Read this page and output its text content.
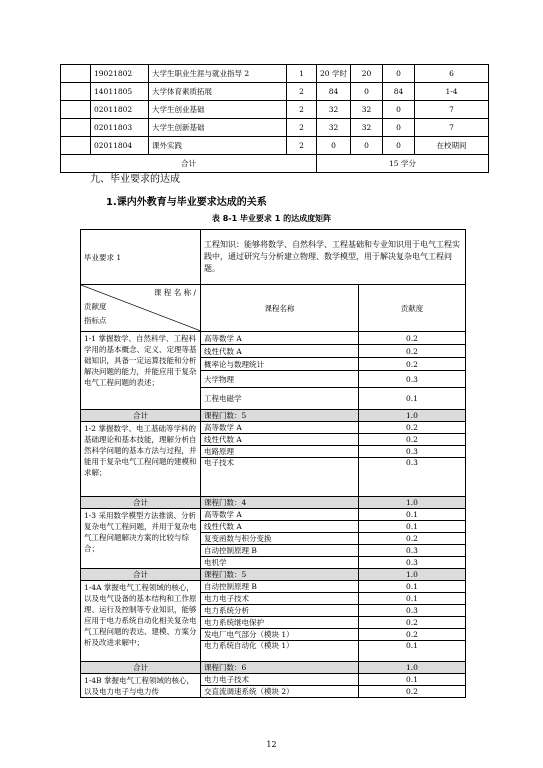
	19021802	大学生职业生涯与就业指导 2	1	20 学时	20	0	6
	14011805	大学体育素质拓展	2	84	0	84	1-4
	02011802	大学生创业基础	2	32	32	0	7
	02011803	大学生创新基础	2	32	32	0	7
	02011804	课外实践	2	0	0	0	在校期间
合计				15 学分			
九、毕业要求的达成
1.课内外教育与毕业要求达成的关系
表 8-1 毕业要求 1 的达成度矩阵
毕业要求 1	工程知识：能够将数学、自然科学、工程基础和专业知识用于电气工程实践中，通过研究与分析建立物理、数学模型，用于解决复杂电气工程问题。	

课 程 名 称 /
贡献度
指标点	课程名称	贡献度
1-1 掌握数学、自然科学、工程科学用的基本概念、定义、定理等基础知识，具备一定运算技能和分析解决问题的能力，并能应用于复杂电气工程问题的表述；	高等数学 A	0.2
	线性代数 A	0.2
	概率论与数理统计	0.2
	大学物理	0.3
	工程电磁学	0.1
合计	课程门数：5	1.0
1-2 掌握数学、电工基础等学科的基础理论和基本技能，理解分析自然科学问题的基本方法与过程，并能用于复杂电气工程问题的建模和求解；	高等数学 A	0.2
	线性代数 A	0.2
	电路原理	0.3
	电子技术	0.3
合计	课程门数：4	1.0
1-3 采用数学模型方法推演、分析复杂电气工程问题，并用于复杂电气工程问题解决方案的比较与综合；	高等数学 A	0.1
	线性代数 A	0.1
	复变函数与积分变换	0.2
	自动控制原理 B	0.3
	电机学	0.3
合计	课程门数：5	1.0
1-4A 掌握电气工程领域的核心，以及电气设备的基本结构和工作原理、运行及控制等专业知识，能够应用于电力系统自动化相关复杂电气工程问题的表达、建模、方案分析及改进求解中；	自动控制原理 B	0.1
	电力电子技术	0.1
	电力系统分析	0.3
	电力系统继电保护	0.2
	发电厂电气部分（模块 1）	0.2
	电力系统自动化（模块 1）	0.1
合计	课程门数：6	1.0
1-4B 掌握电气工程领域的核心，以及电力电子与电力传	电力电子技术	0.1
	交直流调速系统（模块 2）	0.2
12
